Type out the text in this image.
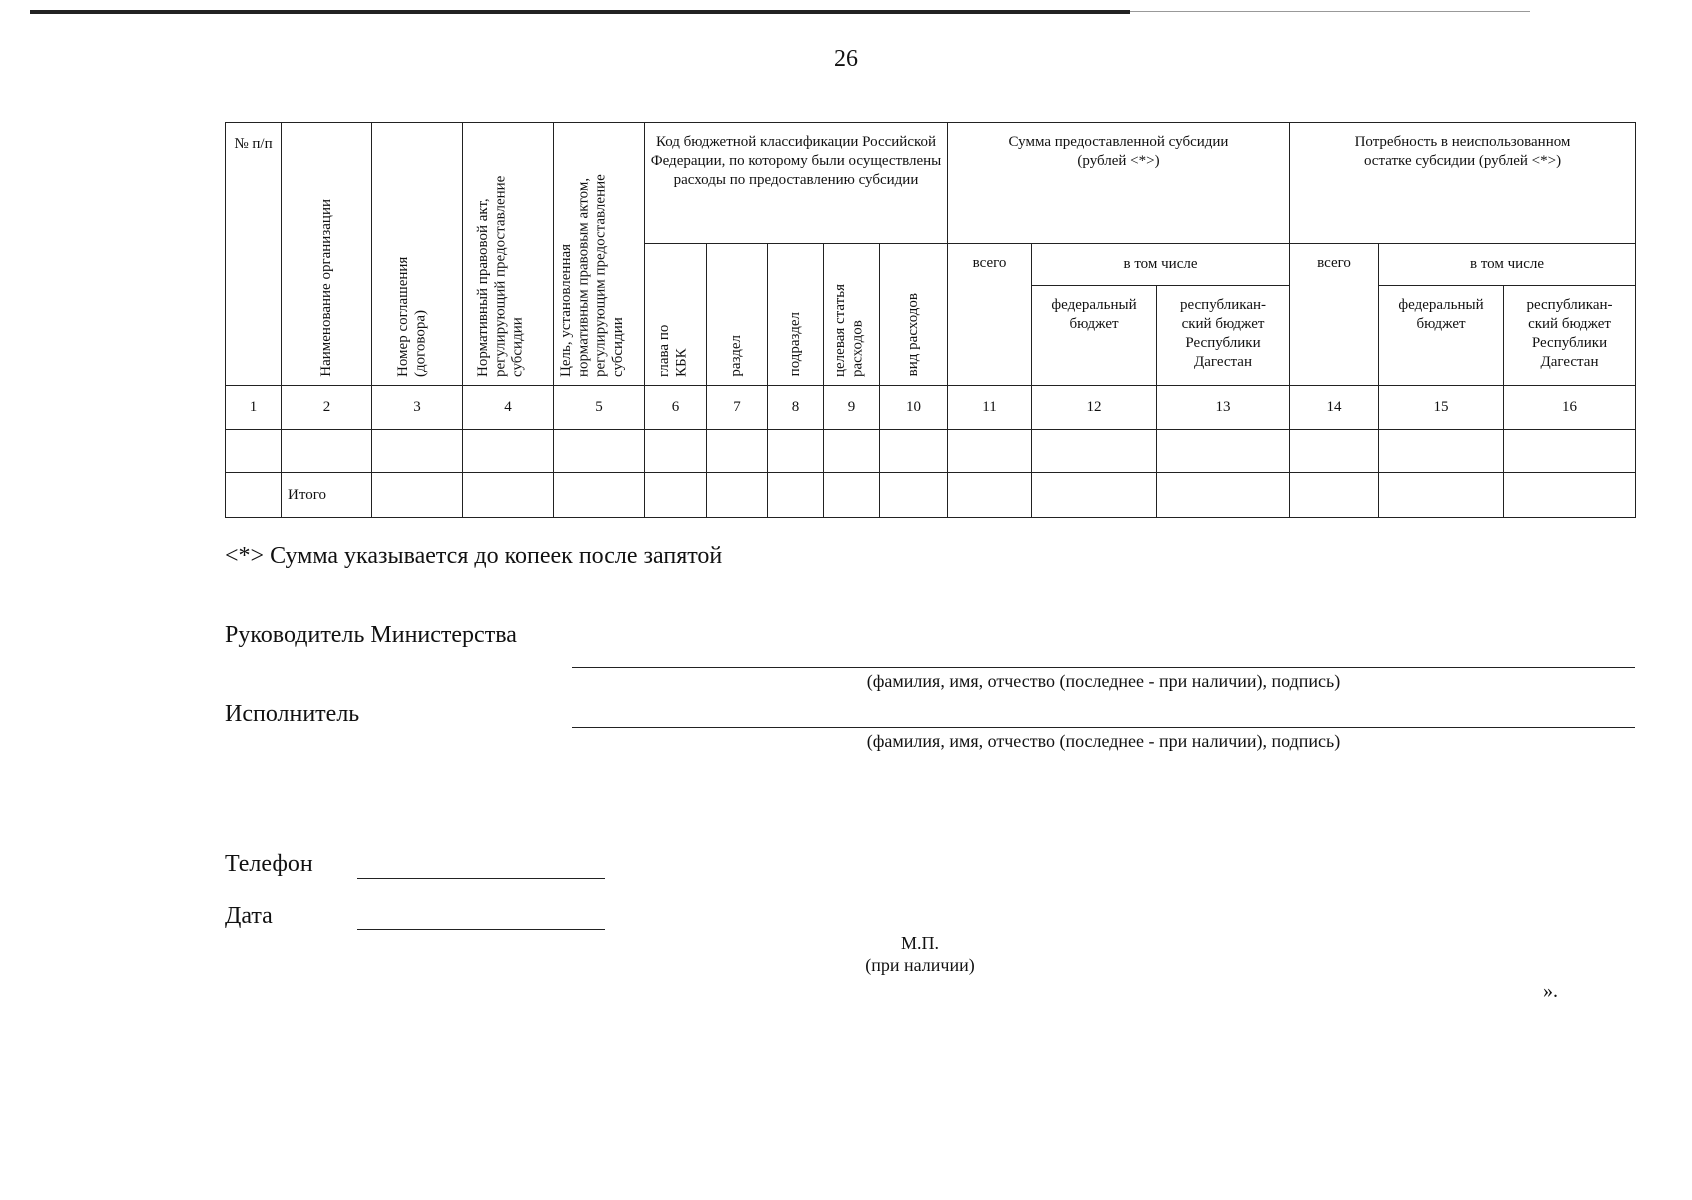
26
№ п/п	Наименование организации	Номер соглашения (договора)	Нормативный правовой акт, регулирующий предоставление субсидии	Цель, установленная нормативным правовым актом, регулирующим предоставление субсидии	Код бюджетной классификации Российской Федерации, по которому были осуществлены расходы по предоставлению субсидии					Сумма предоставленной субсидии (рублей <*>)			Потребность в неиспользованном остатке субсидии (рублей <*>)		

					глава по КБК	раздел	подраздел	целевая статья расходов	вид расходов	всего	в том числе		всего	в том числе	

											федеральный бюджет	республикан-ский бюджет Республики Дагестан		федеральный бюджет	республикан-ский бюджет Республики Дагестан

1	2	3	4	5	6	7	8	9	10	11	12	13	14	15	16

	Итого														
<*> Сумма указывается до копеек после запятой
Руководитель Министерства
(фамилия, имя, отчество (последнее - при наличии), подпись)
Исполнитель
(фамилия, имя, отчество (последнее - при наличии), подпись)
Телефон
Дата
М.П.
(при наличии)
».
